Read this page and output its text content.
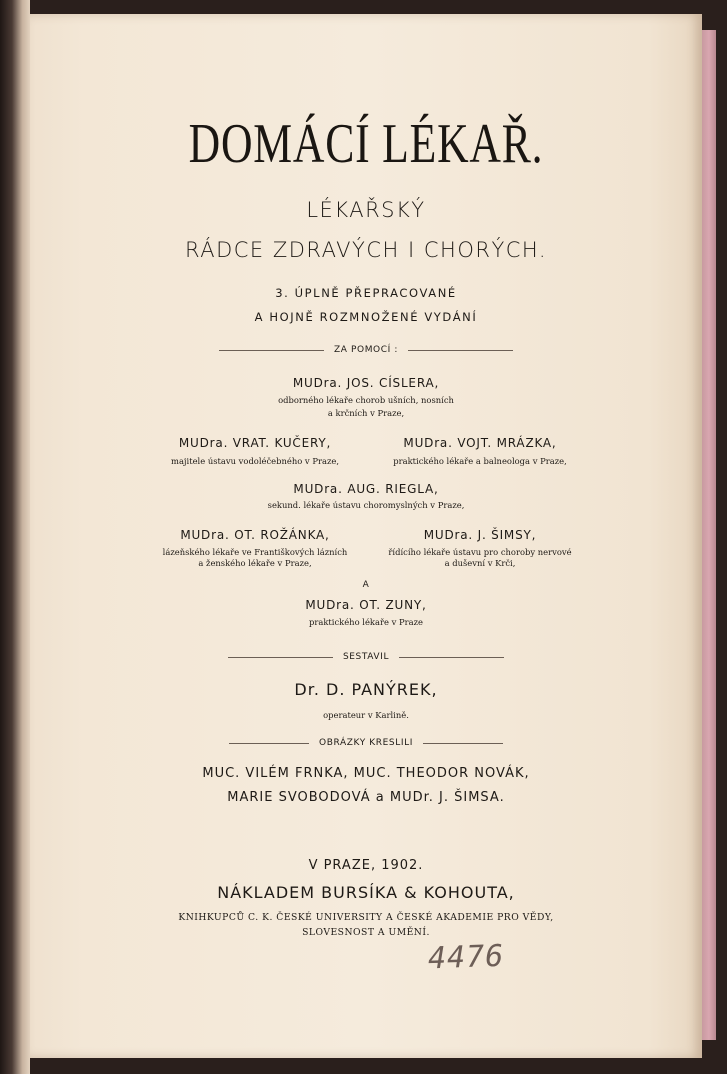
DOMÁCÍ LÉKAŘ.
LÉKAŘSKÝ
RÁDCE ZDRAVÝCH I CHORÝCH.
3. ÚPLNĚ PŘEPRACOVANÉ
A HOJNĚ ROZMNOŽENÉ VYDÁNÍ
ZA POMOCÍ :
MUDra. JOS. CÍSLERA,
odborného lékaře chorob ušních, nosních
a krčních v Praze,
MUDra. VRAT. KUČERY,
majitele ústavu vodoléčebného v Praze,
MUDra. VOJT. MRÁZKA,
praktického lékaře a balneologa v Praze,
MUDra. AUG. RIEGLA,
sekund. lékaře ústavu choromyslných v Praze,
MUDra. OT. ROŽÁNKA,
lázeňského lékaře ve Františkových lázních
a ženského lékaře v Praze,
MUDra. J. ŠIMSY,
řídícího lékaře ústavu pro choroby nervové
a duševní v Krči,
A
MUDra. OT. ZUNY,
praktického lékaře v Praze
SESTAVIL
Dr. D. PANÝREK,
operateur v Karlině.
OBRÁZKY KRESLILI
MUC. VILÉM FRNKA, MUC. THEODOR NOVÁK,
MARIE SVOBODOVÁ a MUDr. J. ŠIMSA.
V PRAZE, 1902.
NÁKLADEM BURSÍKA & KOHOUTA,
KNIHKUPCŮ C. K. ČESKÉ UNIVERSITY A ČESKÉ AKADEMIE PRO VĚDY,
SLOVESNOST A UMĚNÍ.
4476
